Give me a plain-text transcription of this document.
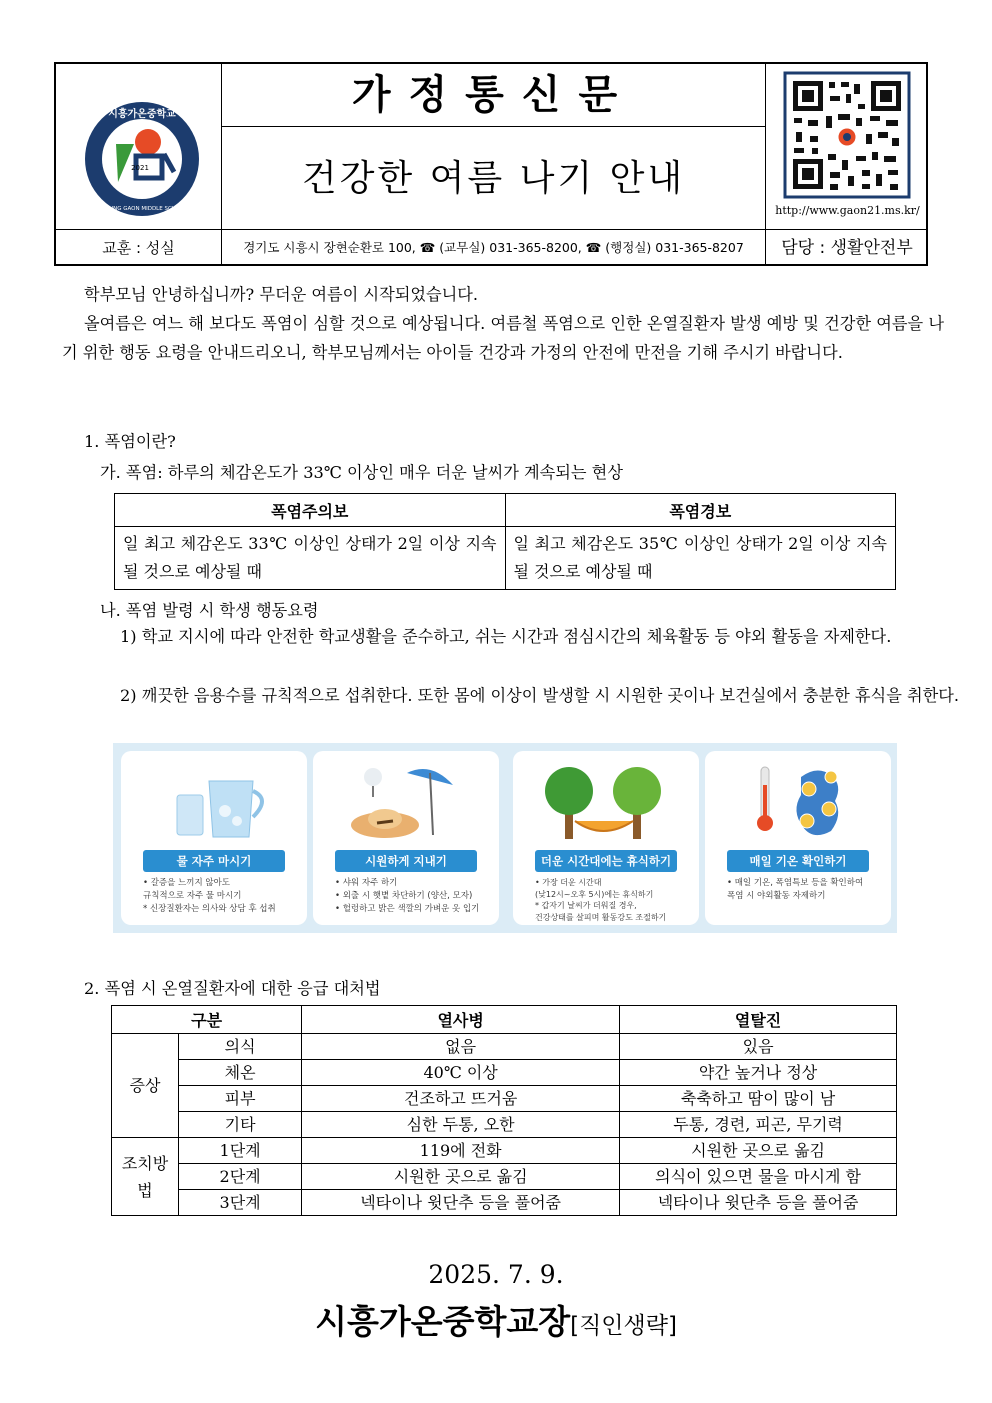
2021
시흥가온중학교
SIHEUNG GAON MIDDLE SCHOOL
가정통신문
건강한 여름 나기 안내
http://www.gaon21.ms.kr/
교훈 : 성실	경기도 시흥시 장현순환로 100, ☎ (교무실) 031-365-8200, ☎ (행정실) 031-365-8207	담당 : 생활안전부
학부모님 안녕하십니까? 무더운 여름이 시작되었습니다.
올여름은 여느 해 보다도 폭염이 심할 것으로 예상됩니다. 여름철 폭염으로 인한 온열질환자 발생 예방 및 건강한 여름을 나기 위한 행동 요령을 안내드리오니, 학부모님께서는 아이들 건강과 가정의 안전에 만전을 기해 주시기 바랍니다.
1. 폭염이란?
가. 폭염: 하루의 체감온도가 33℃ 이상인 매우 더운 날씨가 계속되는 현상
폭염주의보	폭염경보
일 최고 체감온도 33℃ 이상인 상태가 2일 이상 지속될 것으로 예상될 때	일 최고 체감온도 35℃ 이상인 상태가 2일 이상 지속될 것으로 예상될 때
나. 폭염 발령 시 학생 행동요령
1) 학교 지시에 따라 안전한 학교생활을 준수하고, 쉬는 시간과 점심시간의 체육활동 등 야외 활동을 자제한다.
2) 깨끗한 음용수를 규칙적으로 섭취한다. 또한 몸에 이상이 발생할 시 시원한 곳이나 보건실에서 충분한 휴식을 취한다.
물 자주 마시기
• 갈증을 느끼지 않아도
규칙적으로 자주 물 마시기
* 신장질환자는 의사와 상담 후 섭취
시원하게 지내기
• 샤워 자주 하기
• 외출 시 햇볕 차단하기 (양산, 모자)
• 헐렁하고 밝은 색깔의 가벼운 옷 입기
더운 시간대에는 휴식하기
• 가장 더운 시간대
(낮12시~오후 5시)에는 휴식하기
* 갑자기 날씨가 더워질 경우,
건강상태를 살피며 활동강도 조절하기
매일 기온 확인하기
• 매일 기온, 폭염특보 등을 확인하여
폭염 시 야외활동 자제하기
2. 폭염 시 온열질환자에 대한 응급 대처법
구분		열사병	열탈진
증상	의식	없음	있음
	체온	40℃ 이상	약간 높거나 정상
	피부	건조하고 뜨거움	축축하고 땀이 많이 남
	기타	심한 두통, 오한	두통, 경련, 피곤, 무기력
조치방법	1단계	119에 전화	시원한 곳으로 옮김
	2단계	시원한 곳으로 옮김	의식이 있으면 물을 마시게 함
	3단계	넥타이나 윗단추 등을 풀어줌	넥타이나 윗단추 등을 풀어줌
2025. 7. 9.
시흥가온중학교장[직인생략]
